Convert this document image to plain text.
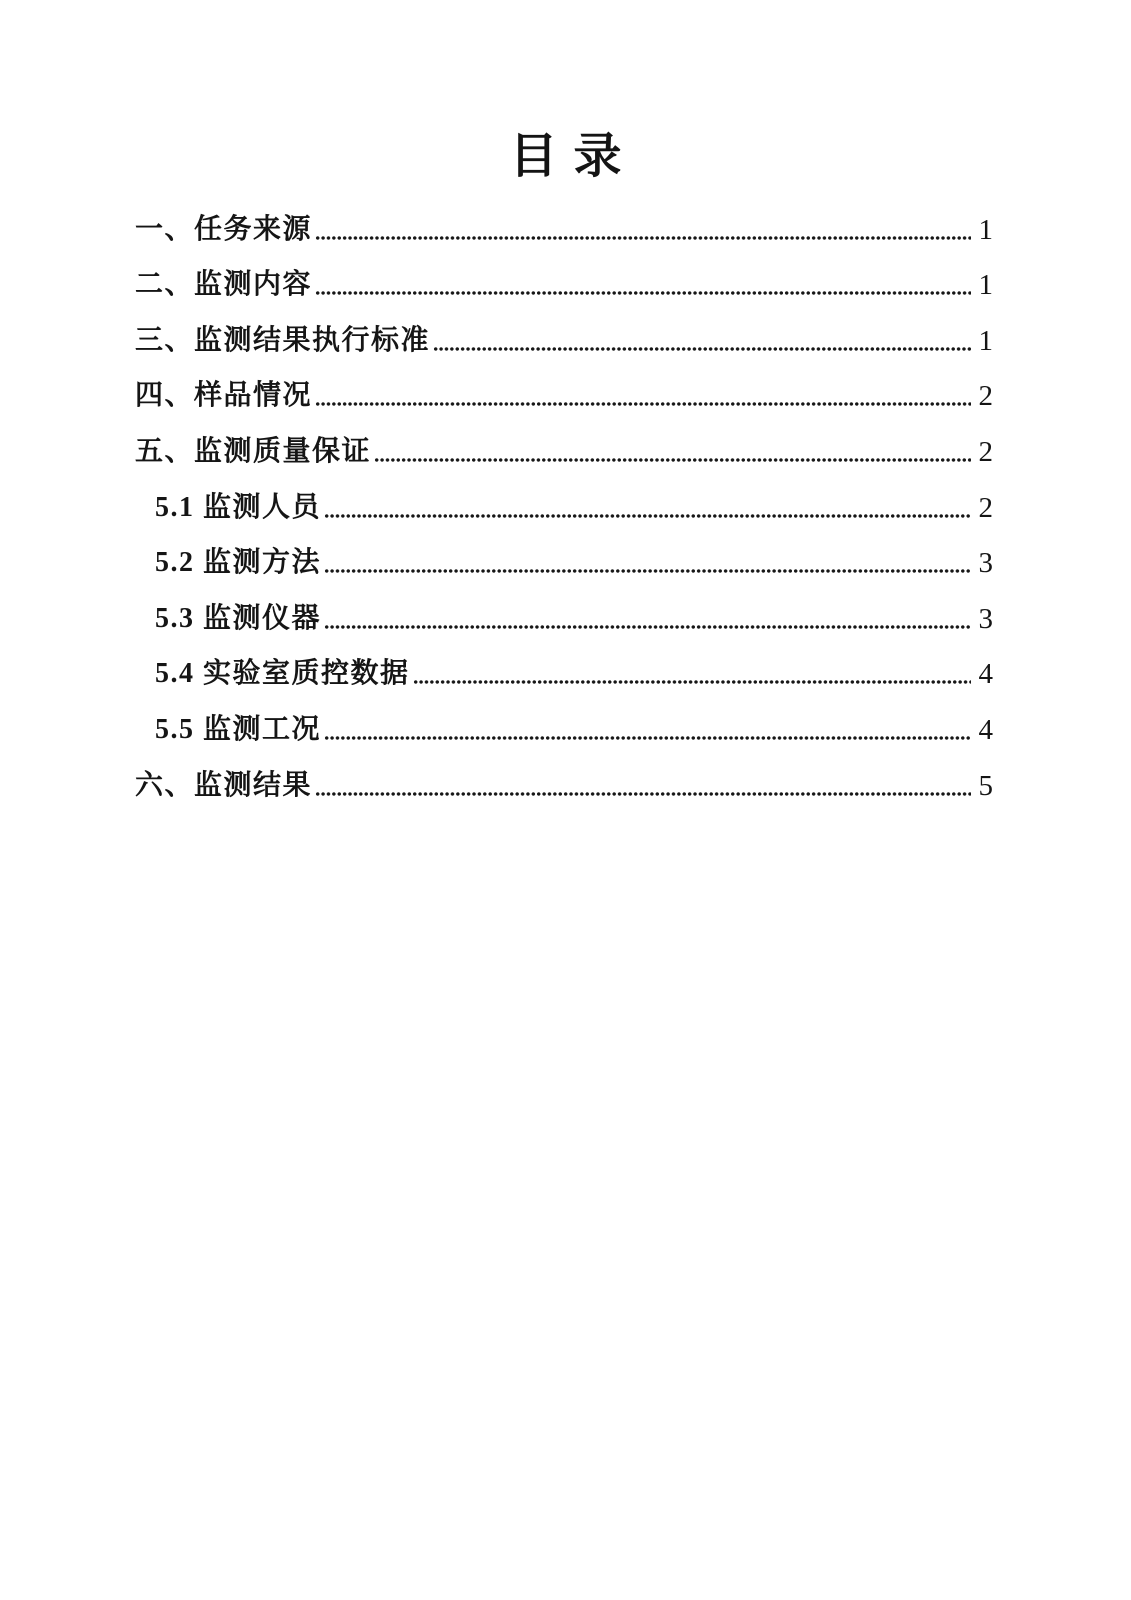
目录
一、任务来源	1
二、监测内容	1
三、监测结果执行标准	1
四、样品情况	2
五、监测质量保证	2
5.1 监测人员	2
5.2 监测方法	3
5.3 监测仪器	3
5.4 实验室质控数据	4
5.5 监测工况	4
六、监测结果	5
